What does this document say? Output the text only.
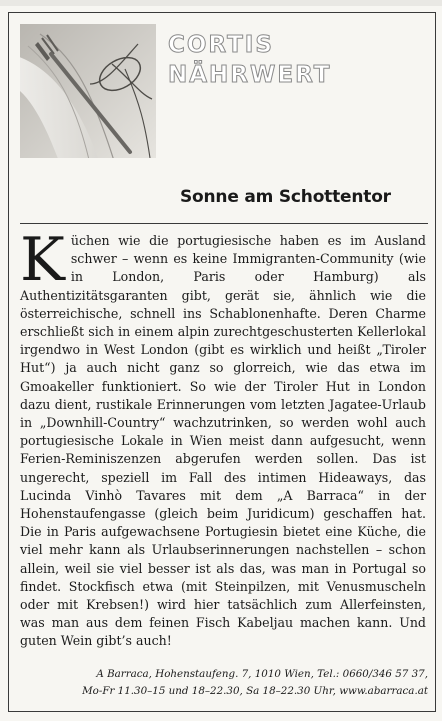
CORTIS
NÄHRWERT
Sonne am Schottentor
Küchen wie die portugiesische haben es im Ausland schwer – wenn es keine Immigranten-Community (wie in London, Paris oder Hamburg) als Authentizitätsgaranten gibt, gerät sie, ähnlich wie die österreichische, schnell ins Schablonenhafte. Deren Charme erschließt sich in einem alpin zurechtgeschusterten Kellerlokal irgendwo in West London (gibt es wirklich und heißt „Tiroler Hut“) ja auch nicht ganz so glorreich, wie das etwa im Gmoakeller funktioniert. So wie der Tiroler Hut in London dazu dient, rustikale Erinnerungen vom letzten Jagatee-Urlaub in „Downhill-Country“ wachzutrinken, so werden wohl auch portugiesische Lokale in Wien meist dann aufgesucht, wenn Ferien-Reminiszenzen abgerufen werden sollen. Das ist ungerecht, speziell im Fall des intimen Hideaways, das Lucinda Vinhò Tavares mit dem „A Barraca“ in der Hohenstaufengasse (gleich beim Juridicum) geschaffen hat. Die in Paris aufgewachsene Portugiesin bietet eine Küche, die viel mehr kann als Urlaubserinnerungen nachstellen – schon allein, weil sie viel besser ist als das, was man in Portugal so findet. Stockfisch etwa (mit Steinpilzen, mit Venusmuscheln oder mit Krebsen!) wird hier tatsächlich zum Allerfeinsten, was man aus dem feinen Fisch Kabeljau machen kann. Und guten Wein gibt’s auch!
A Barraca, Hohenstaufeng. 7, 1010 Wien, Tel.: 0660/346 57 37,
Mo-Fr 11.30–15 und 18–22.30, Sa 18–22.30 Uhr, www.abarraca.at
